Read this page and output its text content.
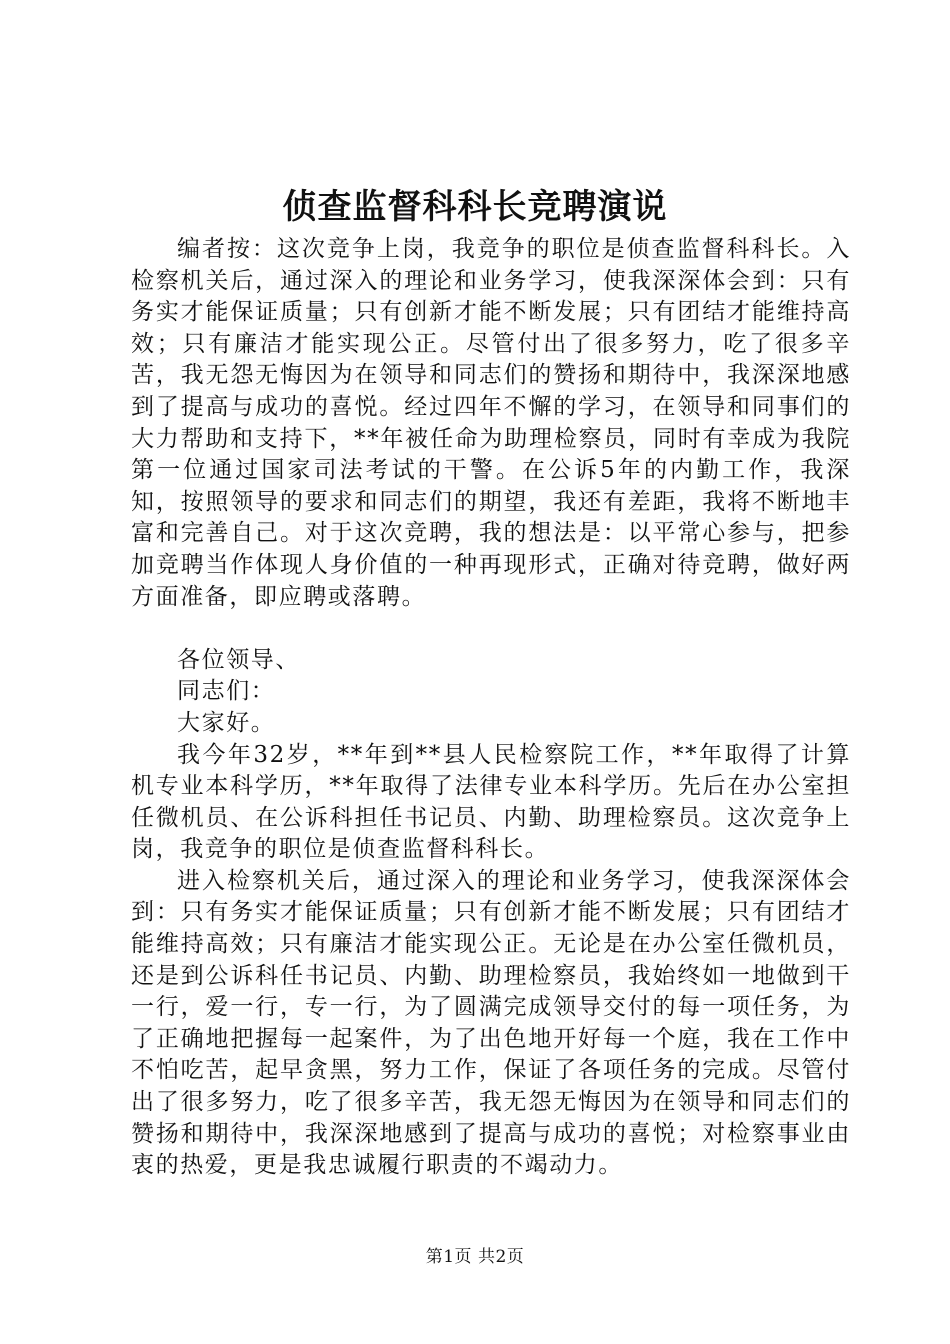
侦查监督科科长竞聘演说

编者按：这次竞争上岗，我竞争的职位是侦查监督科科长。入检察机关后，通过深入的理论和业务学习，使我深深体会到：只有务实才能保证质量；只有创新才能不断发展；只有团结才能维持高效；只有廉洁才能实现公正。尽管付出了很多努力，吃了很多辛苦，我无怨无悔因为在领导和同志们的赞扬和期待中，我深深地感到了提高与成功的喜悦。经过四年不懈的学习，在领导和同事们的大力帮助和支持下，**年被任命为助理检察员，同时有幸成为我院第一位通过国家司法考试的干警。在公诉5年的内勤工作，我深知，按照领导的要求和同志们的期望，我还有差距，我将不断地丰富和完善自己。对于这次竞聘，我的想法是：以平常心参与，把参加竞聘当作体现人身价值的一种再现形式，正确对待竞聘，做好两方面准备，即应聘或落聘。

各位领导、

同志们：

大家好。

我今年32岁，**年到**县人民检察院工作，**年取得了计算机专业本科学历，**年取得了法律专业本科学历。先后在办公室担任微机员、在公诉科担任书记员、内勤、助理检察员。这次竞争上岗，我竞争的职位是侦查监督科科长。

进入检察机关后，通过深入的理论和业务学习，使我深深体会到：只有务实才能保证质量；只有创新才能不断发展；只有团结才能维持高效；只有廉洁才能实现公正。无论是在办公室任微机员，还是到公诉科任书记员、内勤、助理检察员，我始终如一地做到干一行，爱一行，专一行，为了圆满完成领导交付的每一项任务，为了正确地把握每一起案件，为了出色地开好每一个庭，我在工作中不怕吃苦，起早贪黑，努力工作，保证了各项任务的完成。尽管付出了很多努力，吃了很多辛苦，我无怨无悔因为在领导和同志们的赞扬和期待中，我深深地感到了提高与成功的喜悦；对检察事业由衷的热爱，更是我忠诚履行职责的不竭动力。

第1页 共2页
